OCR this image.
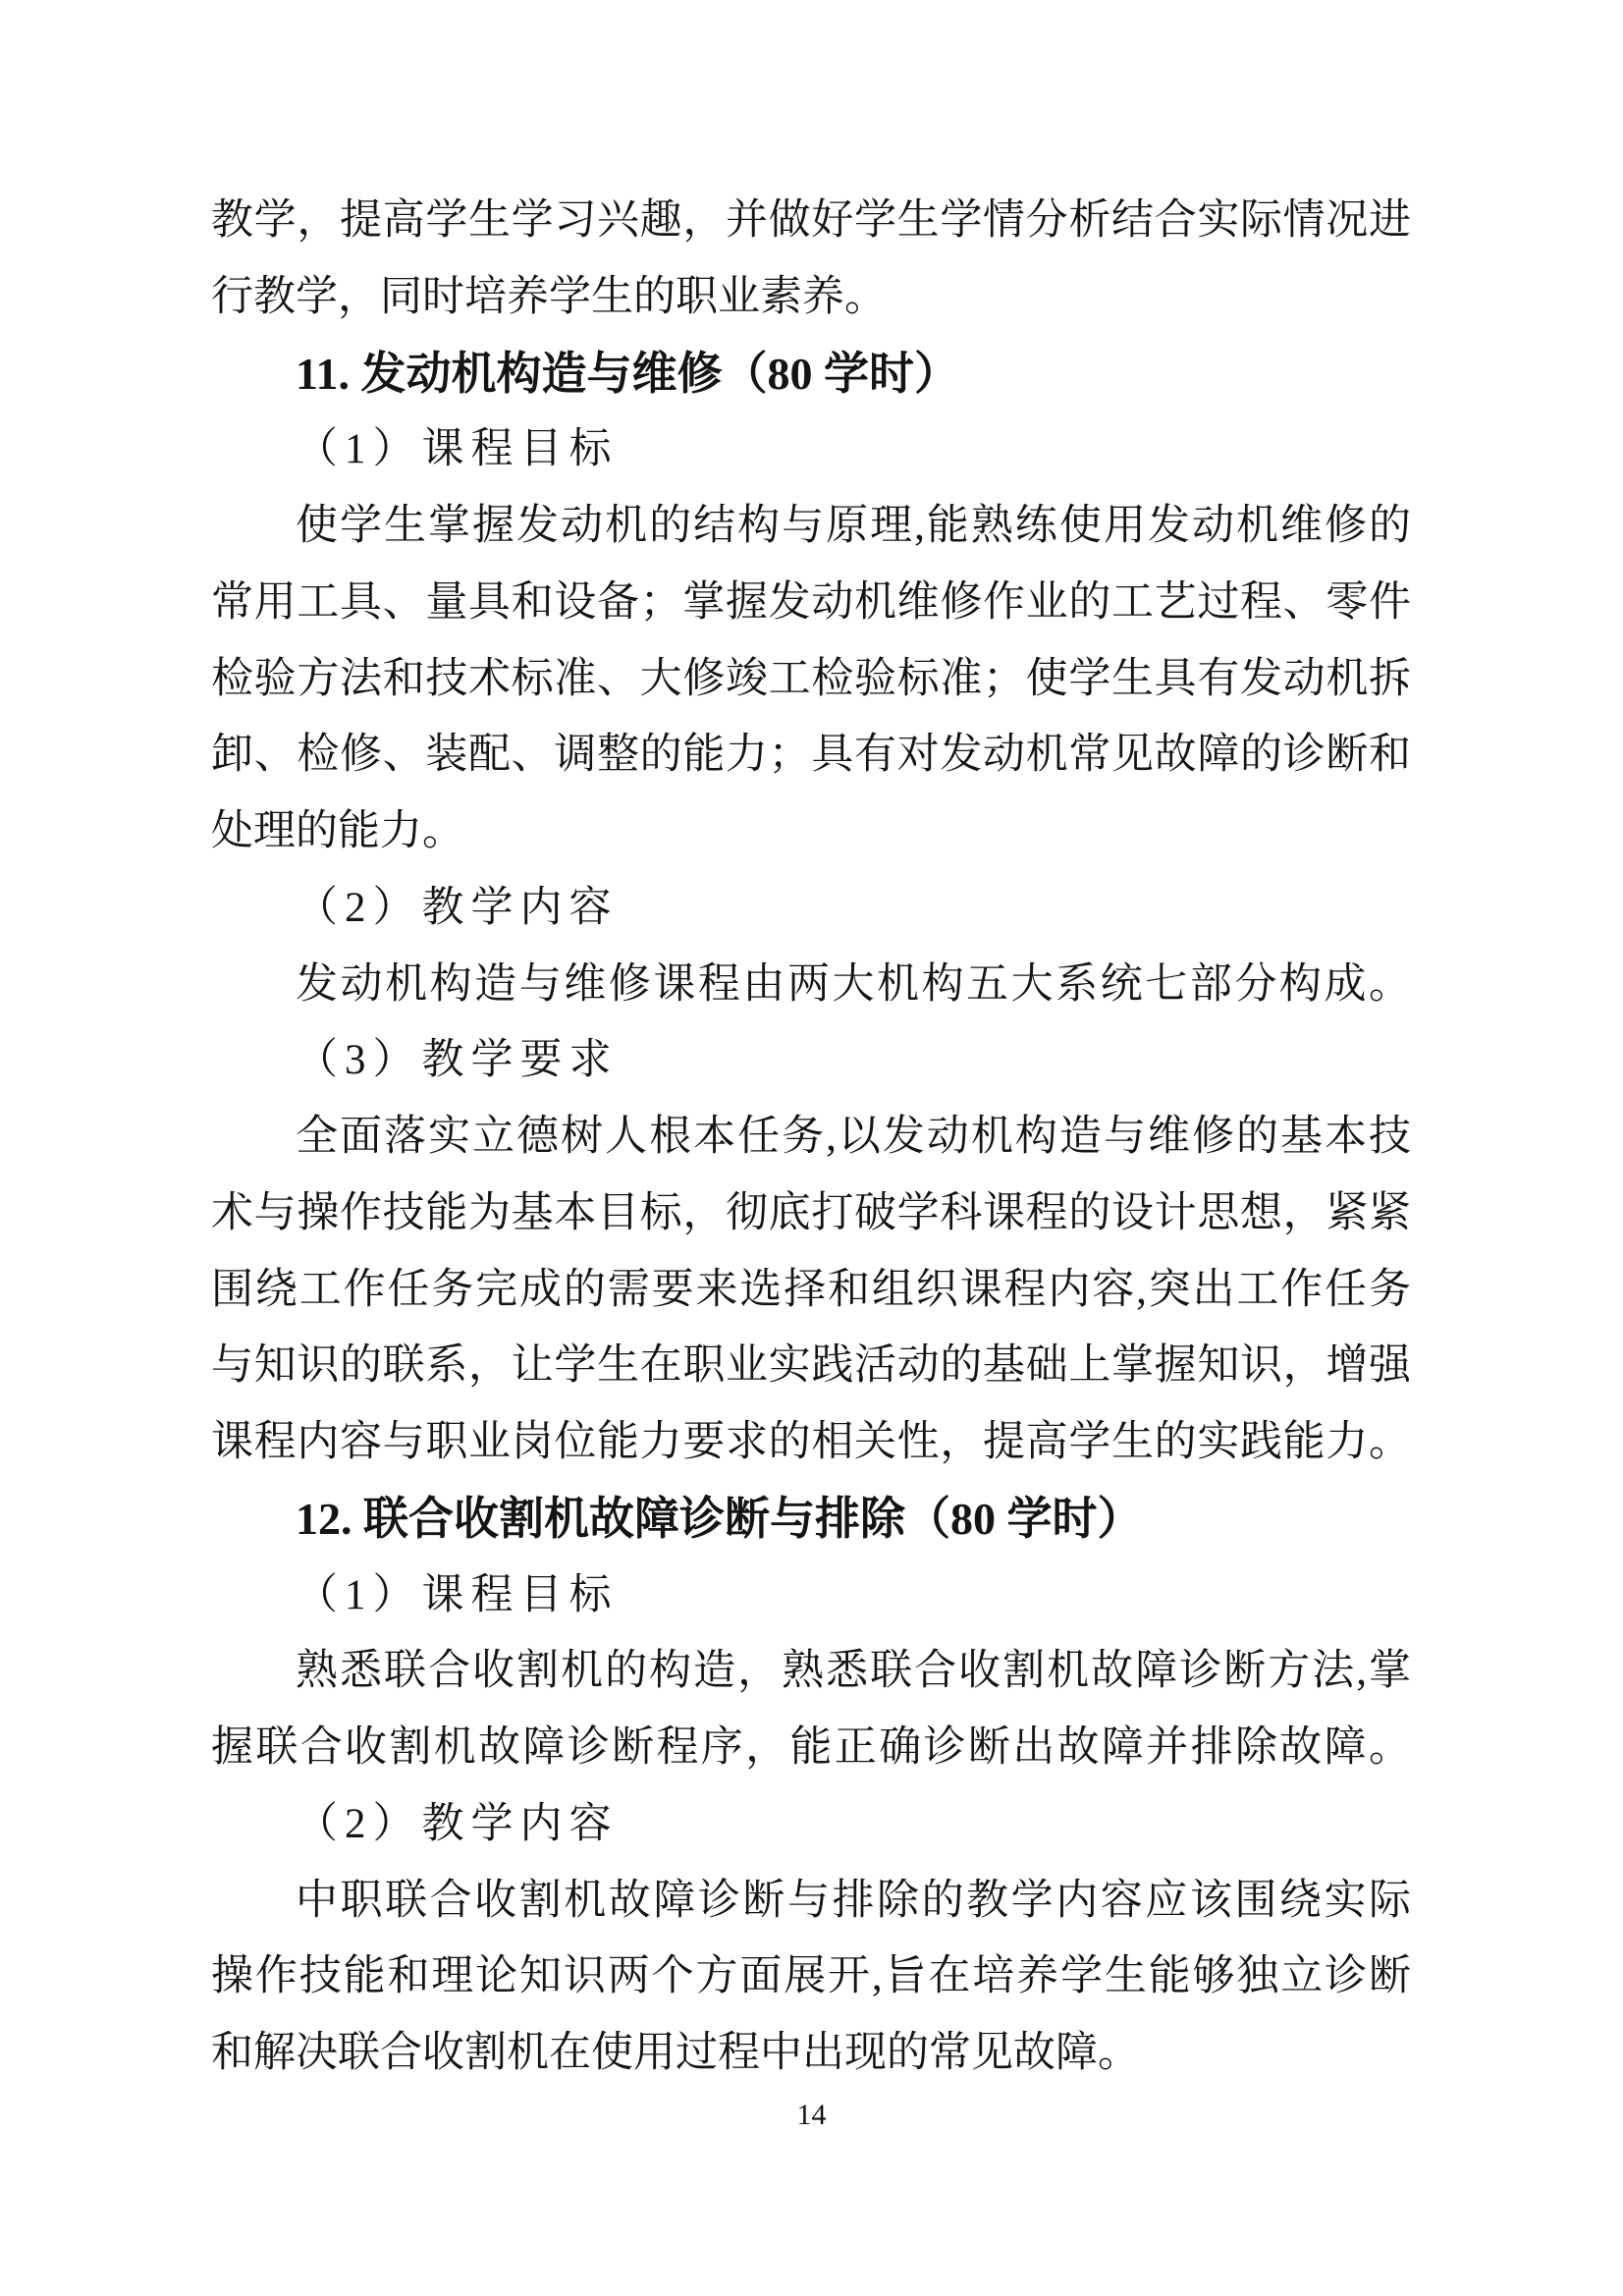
教学，提高学生学习兴趣，并做好学生学情分析结合实际情况进
行教学，同时培养学生的职业素养。
11. 发动机构造与维修（80 学时）
（1）课程目标
使学生掌握发动机的结构与原理,能熟练使用发动机维修的
常用工具、量具和设备；掌握发动机维修作业的工艺过程、零件
检验方法和技术标准、大修竣工检验标准；使学生具有发动机拆
卸、检修、装配、调整的能力；具有对发动机常见故障的诊断和
处理的能力。
（2）教学内容
发动机构造与维修课程由两大机构五大系统七部分构成。
（3）教学要求
全面落实立德树人根本任务,以发动机构造与维修的基本技
术与操作技能为基本目标，彻底打破学科课程的设计思想，紧紧
围绕工作任务完成的需要来选择和组织课程内容,突出工作任务
与知识的联系，让学生在职业实践活动的基础上掌握知识，增强
课程内容与职业岗位能力要求的相关性，提高学生的实践能力。
12. 联合收割机故障诊断与排除（80 学时）
（1）课程目标
熟悉联合收割机的构造，熟悉联合收割机故障诊断方法,掌
握联合收割机故障诊断程序，能正确诊断出故障并排除故障。
（2）教学内容
中职联合收割机故障诊断与排除的教学内容应该围绕实际
操作技能和理论知识两个方面展开,旨在培养学生能够独立诊断
和解决联合收割机在使用过程中出现的常见故障。
14
